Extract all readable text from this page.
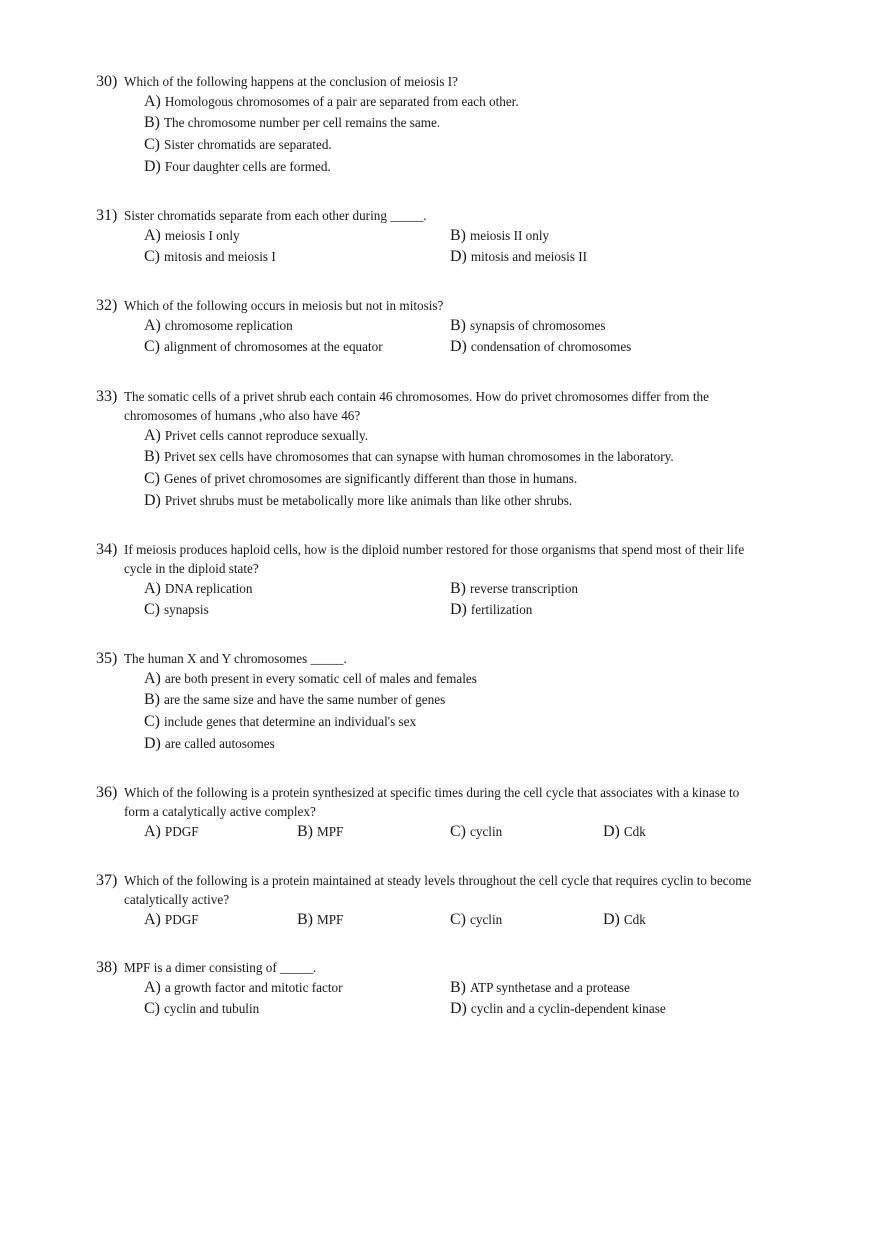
30) Which of the following happens at the conclusion of meiosis I?
A) Homologous chromosomes of a pair are separated from each other.
B) The chromosome number per cell remains the same.
C) Sister chromatids are separated.
D) Four daughter cells are formed.
31) Sister chromatids separate from each other during _____.
A) meiosis I only	B) meiosis II only
C) mitosis and meiosis I	D) mitosis and meiosis II
32) Which of the following occurs in meiosis but not in mitosis?
A) chromosome replication	B) synapsis of chromosomes
C) alignment of chromosomes at the equator	D) condensation of chromosomes
33) The somatic cells of a privet shrub each contain 46 chromosomes. How do privet chromosomes differ from the chromosomes of humans ,who also have 46?
A) Privet cells cannot reproduce sexually.
B) Privet sex cells have chromosomes that can synapse with human chromosomes in the laboratory.
C) Genes of privet chromosomes are significantly different than those in humans.
D) Privet shrubs must be metabolically more like animals than like other shrubs.
34) If meiosis produces haploid cells, how is the diploid number restored for those organisms that spend most of their life cycle in the diploid state?
A) DNA replication	B) reverse transcription
C) synapsis	D) fertilization
35) The human X and Y chromosomes _____.
A) are both present in every somatic cell of males and females
B) are the same size and have the same number of genes
C) include genes that determine an individual's sex
D) are called autosomes
36) Which of the following is a protein synthesized at specific times during the cell cycle that associates with a kinase to form a catalytically active complex?
A) PDGF	B) MPF	C) cyclin	D) Cdk
37) Which of the following is a protein maintained at steady levels throughout the cell cycle that requires cyclin to become catalytically active?
A) PDGF	B) MPF	C) cyclin	D) Cdk
38) MPF is a dimer consisting of _____.
A) a growth factor and mitotic factor	B) ATP synthetase and a protease
C) cyclin and tubulin	D) cyclin and a cyclin-dependent kinase
